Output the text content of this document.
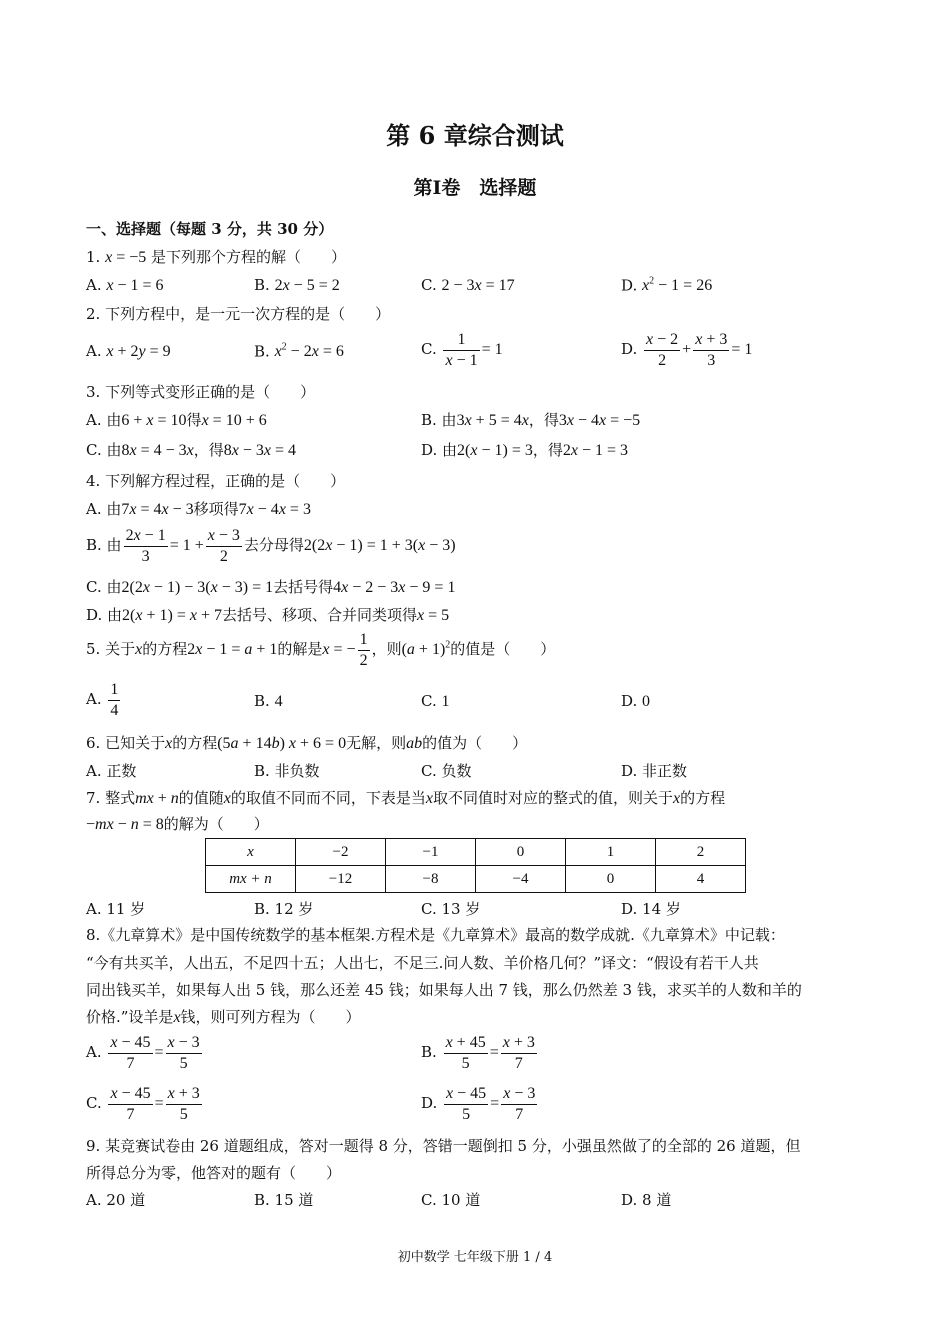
第 6 章综合测试
第Ⅰ卷　选择题
一、选择题（每题 3 分，共 30 分）
1. x = −5 是下列那个方程的解（　　）
A. x − 1 = 6	B. 2x − 5 = 2	C. 2 − 3x = 17	D. $x^2 - 1 = 26$
2. 下列方程中，是一元一次方程的是（　　）
A. x + 2y = 9	B. $x^2 - 2x = 6$	C. $\frac{1}{x - 1} = 1$	D. $\frac{x - 2}{2} + \frac{x + 3}{3} = 1$
3. 下列等式变形正确的是（　　）
A. 由6 + x = 10得x = 10 + 6	B. 由3x + 5 = 4x，得3x − 4x = −5
C. 由8x = 4 − 3x，得8x − 3x = 4	D. 由2(x − 1) = 3，得2x − 1 = 3
4. 下列解方程过程，正确的是（　　）
A. 由7x = 4x − 3移项得7x − 4x = 3
B. 由 $\frac{2x - 1}{3} = 1 + \frac{x - 3}{2}$ 去分母得2(2x − 1) = 1 + 3(x − 3)
C. 由2(2x − 1) − 3(x − 3) = 1去括号得4x − 2 − 3x − 9 = 1
D. 由2(x + 1) = x + 7去括号、移项、合并同类项得x = 5
5. 关于x的方程2x − 1 = a + 1的解是x = − $\frac{1}{2}$ ，则$(a + 1)^2$的值是（　　）
A. $\frac{1}{4}$	B. 4	C. 1	D. 0
6. 已知关于x的方程(5a + 14b) x + 6 = 0无解，则ab的值为（　　）
A. 正数	B. 非负数	C. 负数	D. 非正数
7. 整式mx + n的值随x的取值不同而不同，下表是当x取不同值时对应的整式的值，则关于x的方程
−mx − n = 8的解为（　　）
x	−2	−1	0	1	2
mx + n	−12	−8	−4	0	4
A. 11 岁	B. 12 岁	C. 13 岁	D. 14 岁
8.《九章算术》是中国传统数学的基本框架.方程术是《九章算术》最高的数学成就.《九章算术》中记载：
“今有共买羊，人出五，不足四十五；人出七，不足三.问人数、羊价格几何？”译文：“假设有若干人共
同出钱买羊，如果每人出 5 钱，那么还差 45 钱；如果每人出 7 钱，那么仍然差 3 钱，求买羊的人数和羊的
价格.”设羊是x钱，则可列方程为（　　）
A. $\frac{x - 45}{7} = \frac{x - 3}{5}$	B. $\frac{x + 45}{5} = \frac{x + 3}{7}$
C. $\frac{x - 45}{7} = \frac{x + 3}{5}$	D. $\frac{x - 45}{5} = \frac{x - 3}{7}$
9. 某竞赛试卷由 26 道题组成，答对一题得 8 分，答错一题倒扣 5 分，小强虽然做了的全部的 26 道题，但
所得总分为零，他答对的题有（　　）
A. 20 道	B. 15 道	C. 10 道	D. 8 道
初中数学 七年级下册 1 / 4
